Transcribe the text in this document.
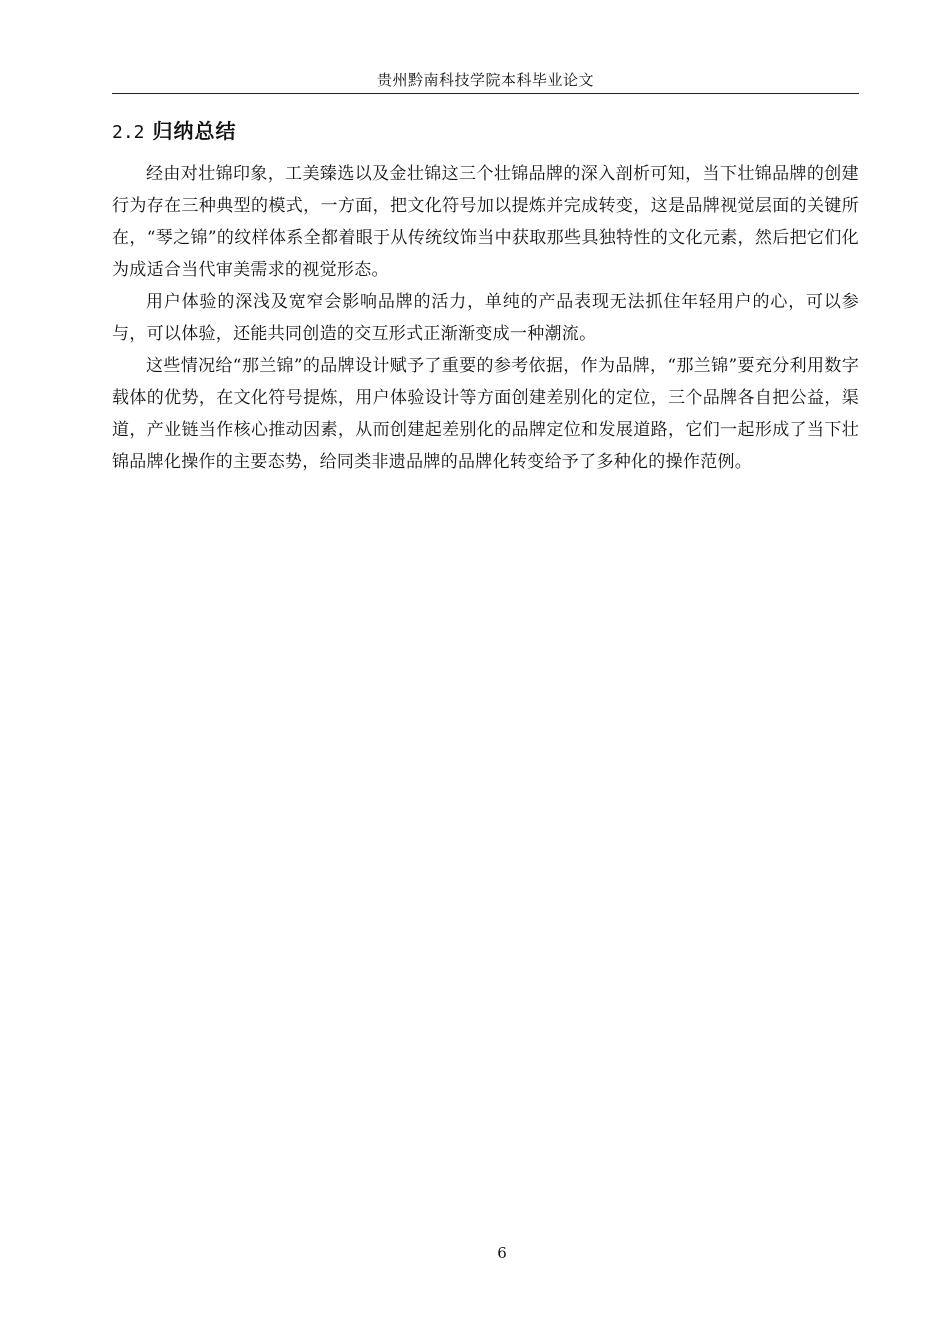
贵州黔南科技学院本科毕业论文
2.2 归纳总结

经由对壮锦印象，工美臻选以及金壮锦这三个壮锦品牌的深入剖析可知，当下壮锦品牌的创建行为存在三种典型的模式，一方面，把文化符号加以提炼并完成转变，这是品牌视觉层面的关键所在，“琴之锦”的纹样体系全都着眼于从传统纹饰当中获取那些具独特性的文化元素，然后把它们化为成适合当代审美需求的视觉形态。

用户体验的深浅及宽窄会影响品牌的活力，单纯的产品表现无法抓住年轻用户的心，可以参与，可以体验，还能共同创造的交互形式正渐渐变成一种潮流。

这些情况给“那兰锦”的品牌设计赋予了重要的参考依据，作为品牌，“那兰锦”要充分利用数字载体的优势，在文化符号提炼，用户体验设计等方面创建差别化的定位，三个品牌各自把公益，渠道，产业链当作核心推动因素，从而创建起差别化的品牌定位和发展道路，它们一起形成了当下壮锦品牌化操作的主要态势，给同类非遗品牌的品牌化转变给予了多种化的操作范例。

6
